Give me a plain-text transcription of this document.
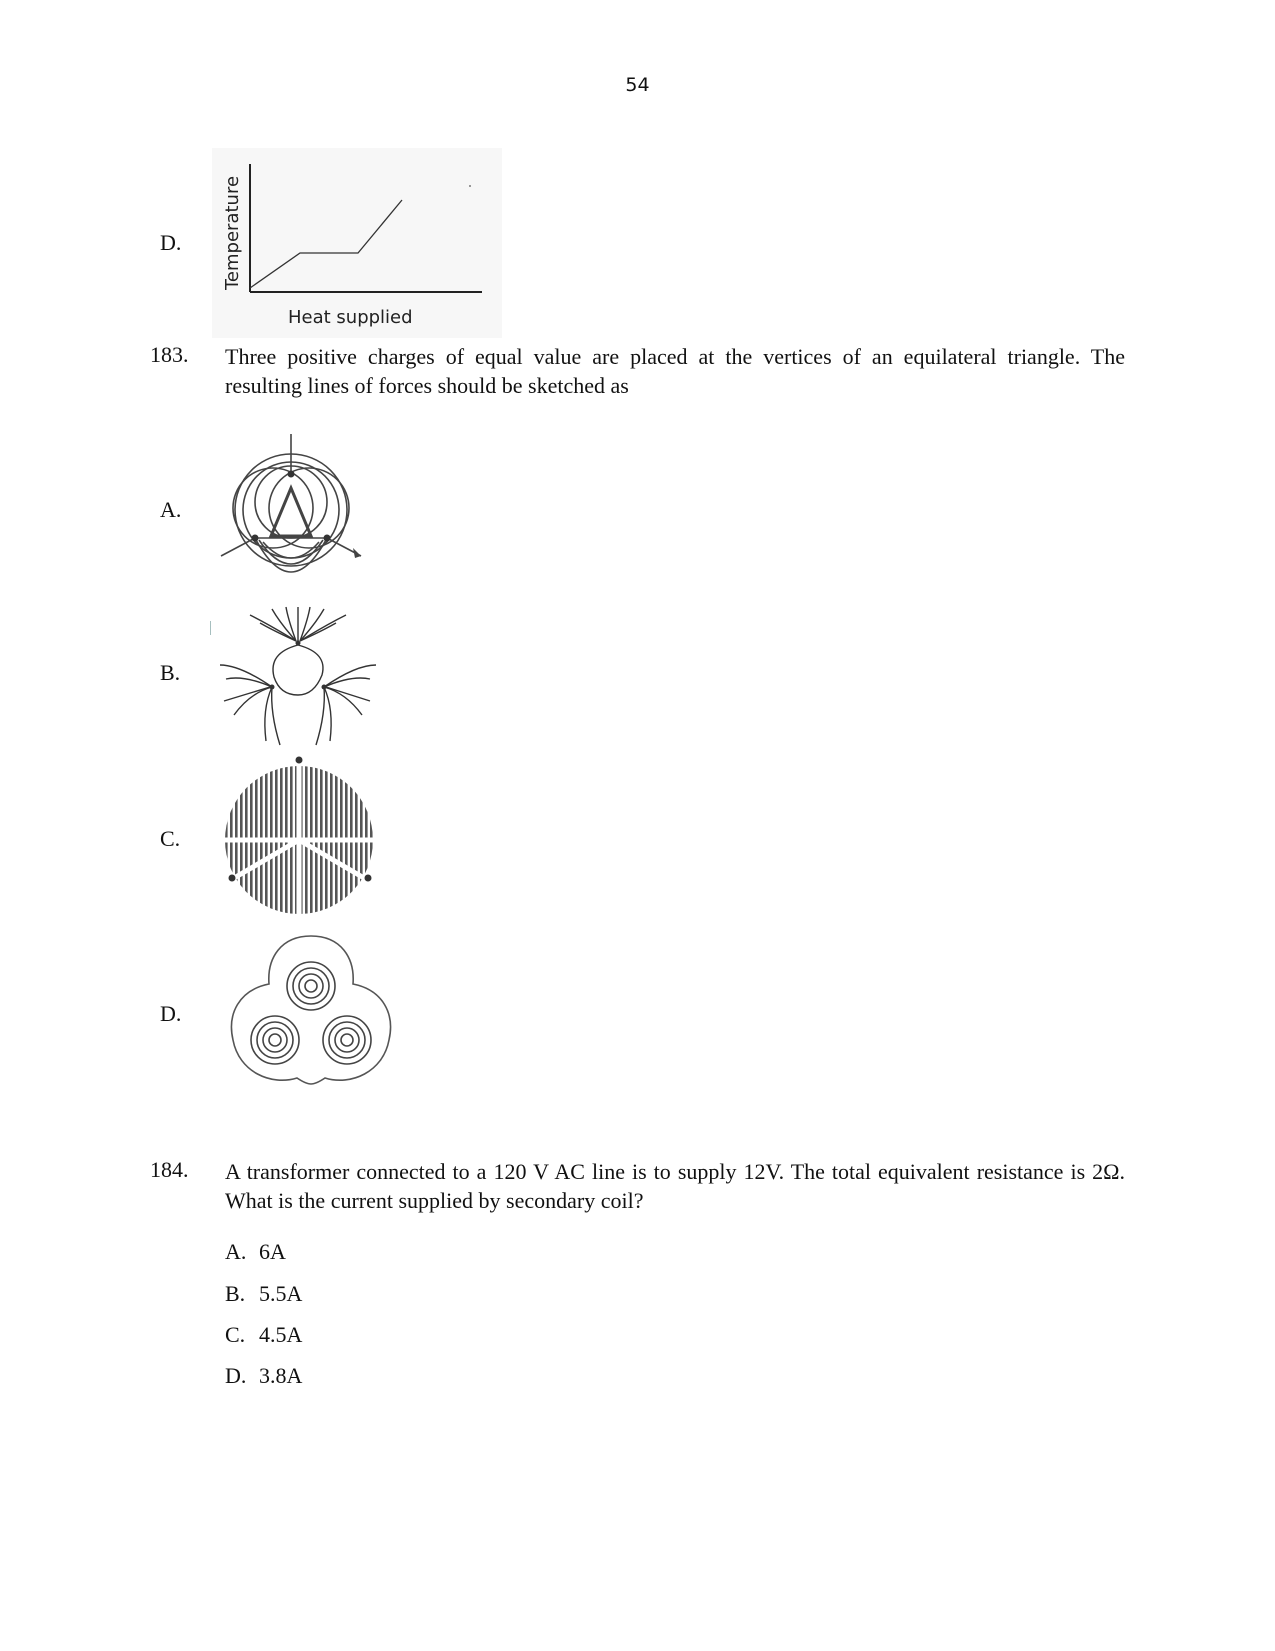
54
D. Temperature
Heat supplied
183. Three positive charges of equal value are placed at the vertices of an equilateral triangle. The resulting lines of forces should be sketched as
A.
B.
C.
D.
184. A transformer connected to a 120 V AC line is to supply 12V. The total equivalent resistance is 2Ω. What is the current supplied by secondary coil?
A. 6A
B. 5.5A
C. 4.5A
D. 3.8A
